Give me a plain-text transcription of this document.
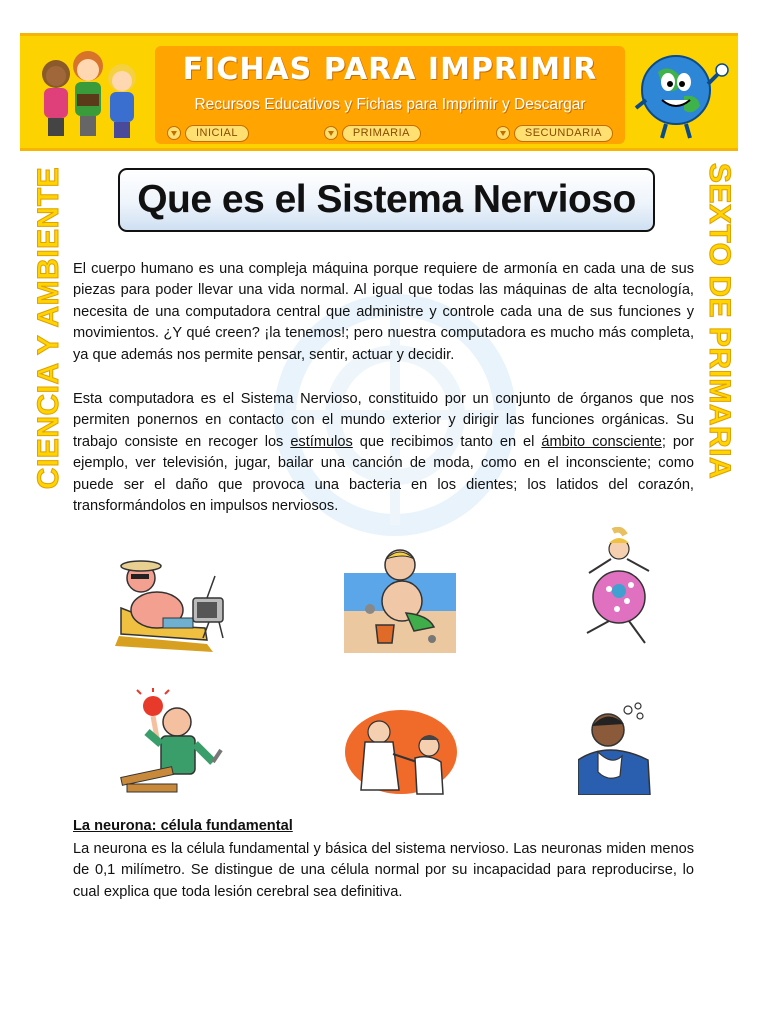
FICHAS PARA IMPRIMIR
Recursos Educativos y Fichas para Imprimir y Descargar
INICIAL	PRIMARIA	SECUNDARIA
CIENCIA Y AMBIENTE	SEXTO DE PRIMARIA
Que es el Sistema Nervioso
El cuerpo humano es una compleja máquina porque requiere de armonía en cada una de sus piezas para poder llevar una vida normal. Al igual que todas las máquinas de alta tecnología, necesita de una computadora central que administre y controle cada una de sus funciones y movimientos. ¿Y qué creen? ¡la tenemos!; pero nuestra computadora es mucho más completa, ya que además nos permite pensar, sentir, actuar y decidir.
Esta computadora es el Sistema Nervioso, constituido por un conjunto de órganos que nos permiten ponernos en contacto con el mundo exterior y dirigir las funciones orgánicas. Su trabajo consiste en recoger los estímulos que recibimos tanto en el ámbito consciente; por ejemplo, ver televisión, jugar, bailar una canción de moda, como en el inconsciente; como puede ser el daño que provoca una bacteria en los dientes; los latidos del corazón, transformándolos en impulsos nerviosos.
La neurona: célula fundamental
La neurona es la célula fundamental y básica del sistema nervioso. Las neuronas miden menos de 0,1 milímetro. Se distingue de una célula normal por su incapacidad para reproducirse, lo cual explica que toda lesión cerebral sea definitiva.
